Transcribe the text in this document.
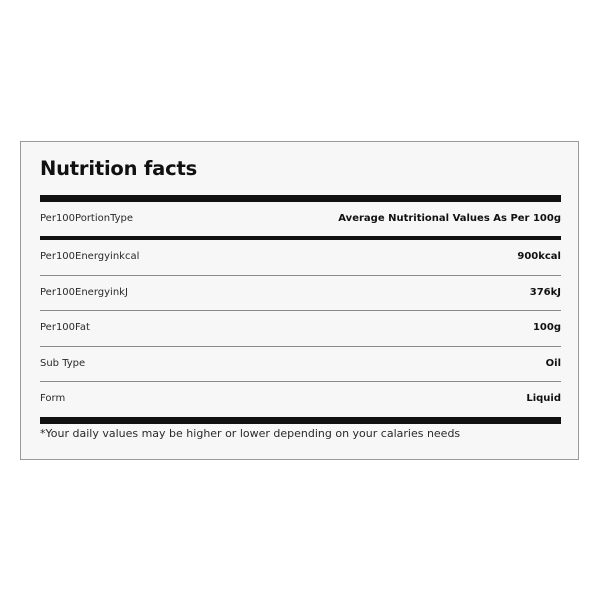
Nutrition facts
Per100PortionType	Average Nutritional Values As Per 100g
Per100Energyinkcal	900kcal
Per100EnergyinkJ	376kJ
Per100Fat	100g
Sub Type	Oil
Form	Liquid
*Your daily values may be higher or lower depending on your calaries needs
